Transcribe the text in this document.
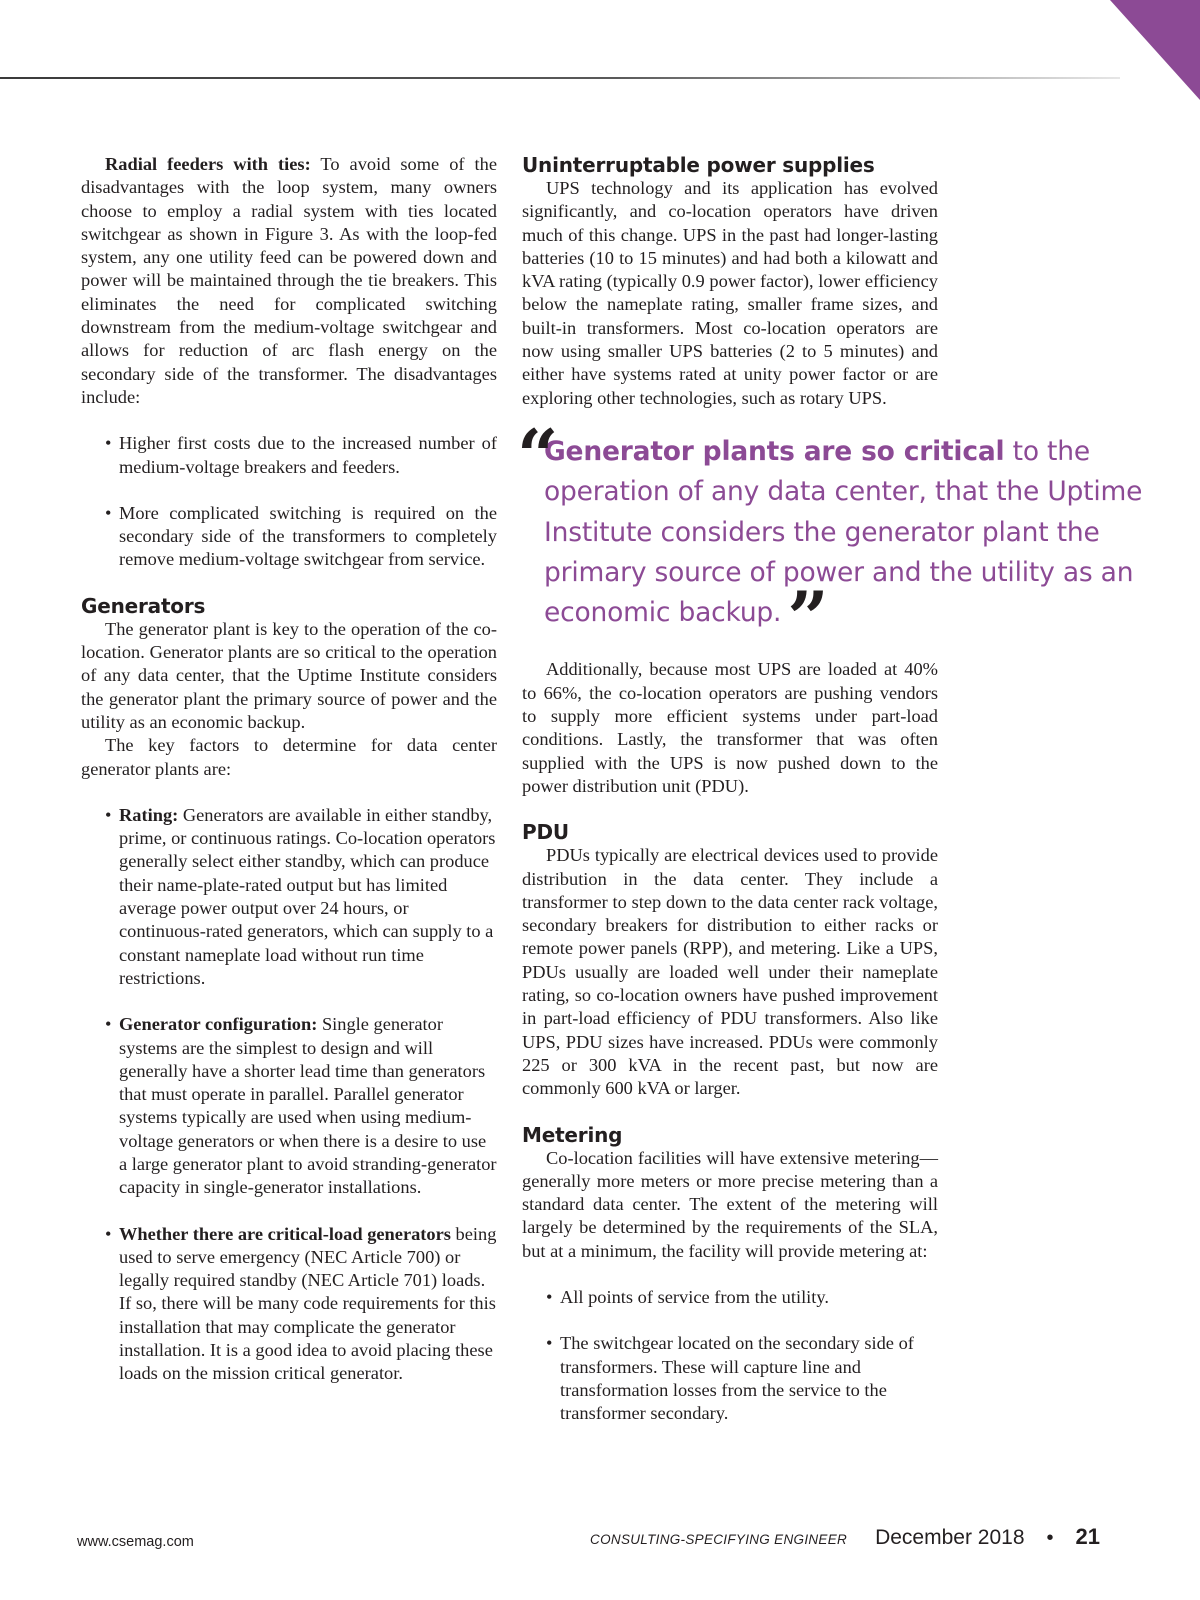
Radial feeders with ties: To avoid some of the disadvantages with the loop system, many owners choose to employ a radial system with ties located switchgear as shown in Figure 3. As with the loop-fed system, any one utility feed can be powered down and power will be maintained through the tie breakers. This eliminates the need for complicated switching downstream from the medium-voltage switchgear and allows for reduction of arc flash energy on the secondary side of the transformer. The disadvantages include:

• Higher first costs due to the increased number of medium-voltage breakers and feeders.
• More complicated switching is required on the secondary side of the transformers to completely remove medium-voltage switchgear from service.
Generators

The generator plant is key to the operation of the co-location. Generator plants are so critical to the operation of any data center, that the Uptime Institute considers the generator plant the primary source of power and the utility as an economic backup.

The key factors to determine for data center generator plants are:

• Rating: Generators are available in either standby, prime, or continuous ratings. Co-location operators generally select either standby, which can produce their name-plate-rated output but has limited average power output over 24 hours, or continuous-rated generators, which can supply to a constant nameplate load without run time restrictions.
• Generator configuration: Single generator systems are the simplest to design and will generally have a shorter lead time than generators that must operate in parallel. Parallel generator systems typically are used when using medium-voltage generators or when there is a desire to use a large generator plant to avoid stranding-generator capacity in single-generator installations.
• Whether there are critical-load generators being used to serve emergency (NEC Article 700) or legally required standby (NEC Article 701) loads. If so, there will be many code requirements for this installation that may complicate the generator installation. It is a good idea to avoid placing these loads on the mission critical generator.
Uninterruptable power supplies

UPS technology and its application has evolved significantly, and co-location operators have driven much of this change. UPS in the past had longer-lasting batteries (10 to 15 minutes) and had both a kilowatt and kVA rating (typically 0.9 power factor), lower efficiency below the nameplate rating, smaller frame sizes, and built-in transformers. Most co-location operators are now using smaller UPS batteries (2 to 5 minutes) and either have systems rated at unity power factor or are exploring other technologies, such as rotary UPS.

“
Generator plants are so critical to the operation of any data center, that the Uptime Institute considers the generator plant the primary source of power and the utility as an economic backup.”

Additionally, because most UPS are loaded at 40% to 66%, the co-location operators are pushing vendors to supply more efficient systems under part-load conditions. Lastly, the transformer that was often supplied with the UPS is now pushed down to the power distribution unit (PDU).

PDU

PDUs typically are electrical devices used to provide distribution in the data center. They include a transformer to step down to the data center rack voltage, secondary breakers for distribution to either racks or remote power panels (RPP), and metering. Like a UPS, PDUs usually are loaded well under their nameplate rating, so co-location owners have pushed improvement in part-load efficiency of PDU transformers. Also like UPS, PDU sizes have increased. PDUs were commonly 225 or 300 kVA in the recent past, but now are commonly 600 kVA or larger.

Metering

Co-location facilities will have extensive metering—generally more meters or more precise metering than a standard data center. The extent of the metering will largely be determined by the requirements of the SLA, but at a minimum, the facility will provide metering at:

• All points of service from the utility.
• The switchgear located on the secondary side of transformers. These will capture line and transformation losses from the service to the transformer secondary.
www.csemag.com	CONSULTING-SPECIFYING ENGINEER December 2018 • 21
